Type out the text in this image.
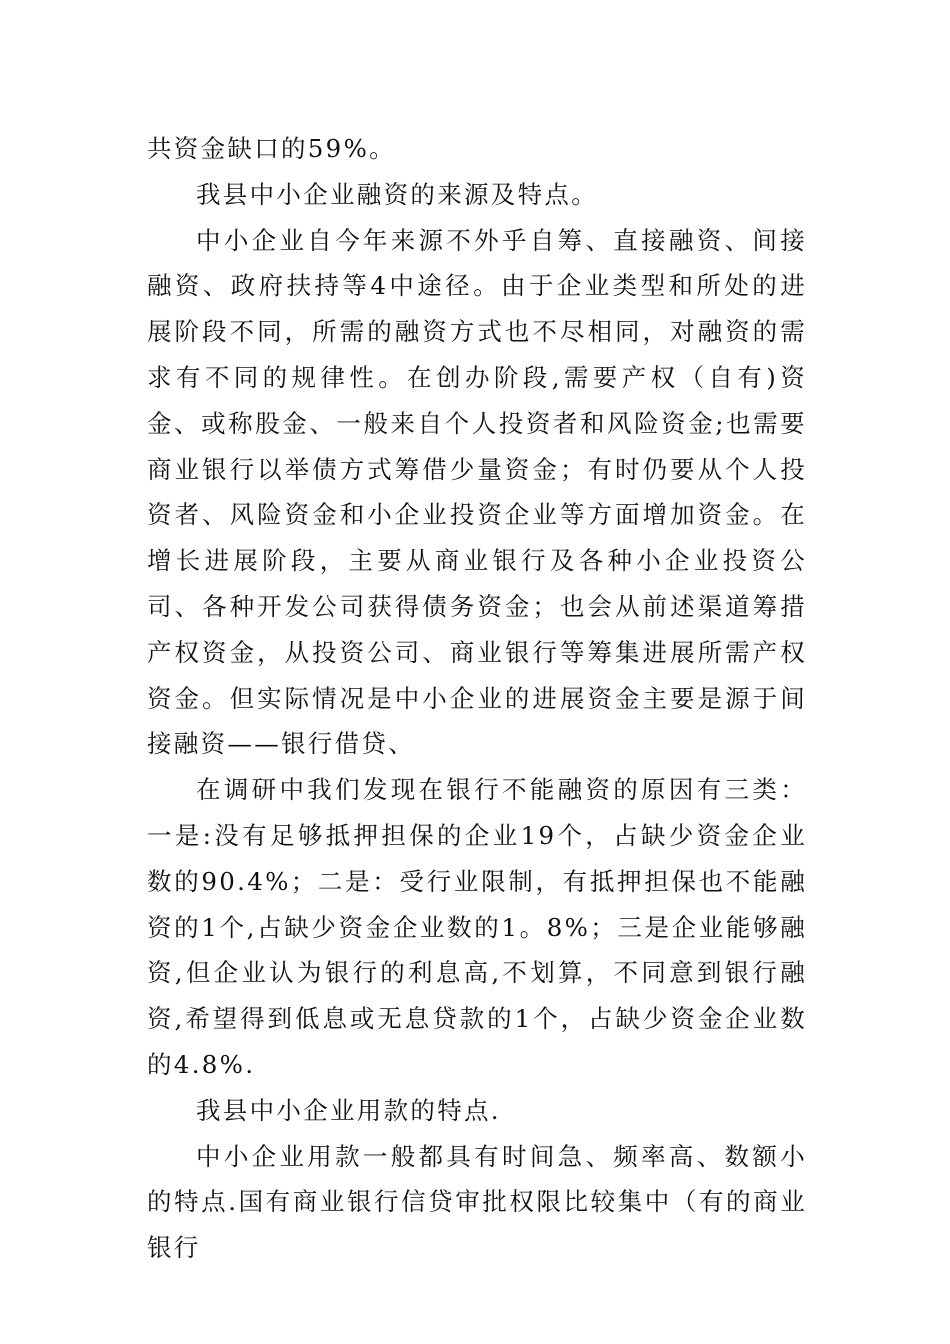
共资金缺口的59%。

我县中小企业融资的来源及特点。

中小企业自今年来源不外乎自筹、直接融资、间接融资、政府扶持等4中途径。由于企业类型和所处的进展阶段不同，所需的融资方式也不尽相同，对融资的需求有不同的规律性。在创办阶段,需要产权（自有)资金、或称股金、一般来自个人投资者和风险资金;也需要商业银行以举债方式筹借少量资金；有时仍要从个人投资者、风险资金和小企业投资企业等方面增加资金。在增长进展阶段，主要从商业银行及各种小企业投资公司、各种开发公司获得债务资金；也会从前述渠道筹措产权资金，从投资公司、商业银行等筹集进展所需产权资金。但实际情况是中小企业的进展资金主要是源于间接融资——银行借贷、

在调研中我们发现在银行不能融资的原因有三类：一是:没有足够抵押担保的企业19个，占缺少资金企业数的90.4%；二是：受行业限制，有抵押担保也不能融资的1个,占缺少资金企业数的1。8%；三是企业能够融资,但企业认为银行的利息高,不划算，不同意到银行融资,希望得到低息或无息贷款的1个，占缺少资金企业数的4.8%.

我县中小企业用款的特点.

中小企业用款一般都具有时间急、频率高、数额小的特点.国有商业银行信贷审批权限比较集中（有的商业银行
